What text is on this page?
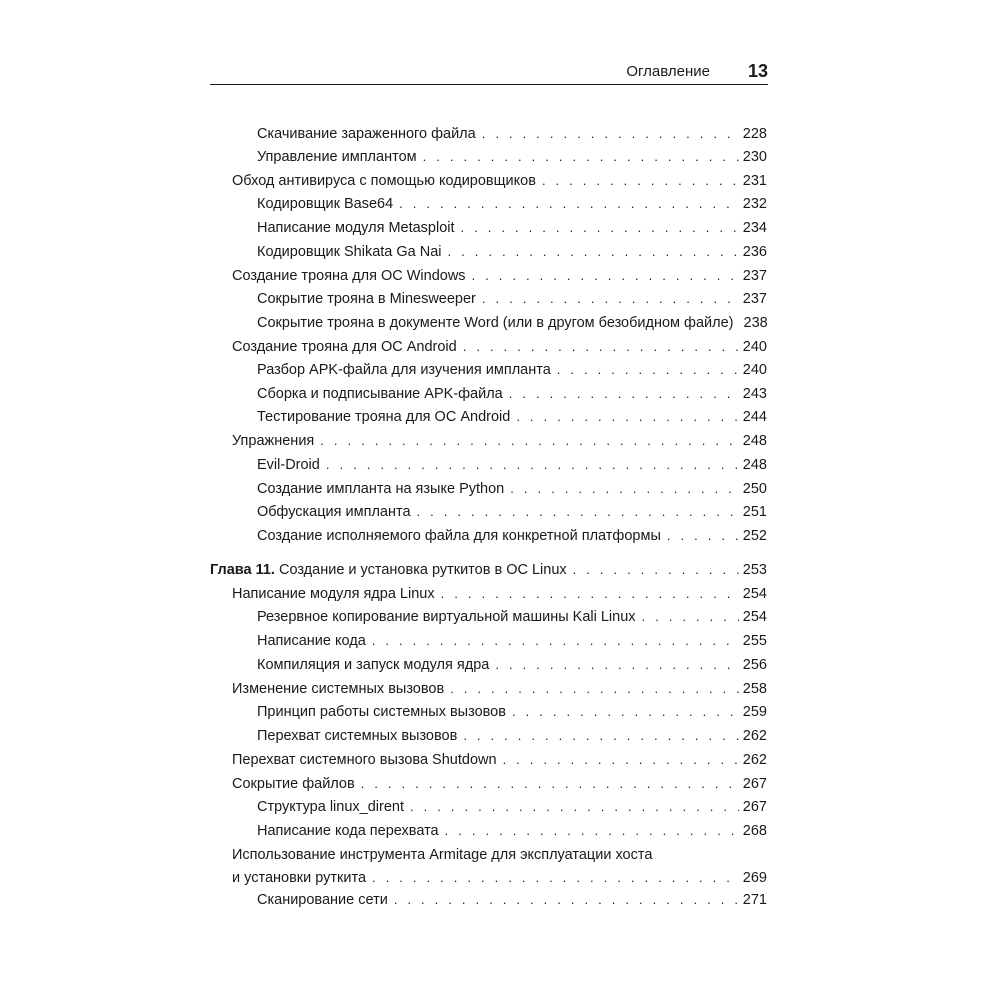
Оглавление 13
Скачивание зараженного файла . . .	228
Управление имплантом . . .	230
Обход антивируса с помощью кодировщиков . . .	231
Кодировщик Base64 . . .	232
Написание модуля Metasploit . . .	234
Кодировщик Shikata Ga Nai . . .	236
Создание трояна для ОС Windows . . .	237
Сокрытие трояна в Minesweeper . . .	237
Сокрытие трояна в документе Word (или в другом безобидном файле) 238
Создание трояна для ОС Android . . .	240
Разбор APK-файла для изучения импланта . . .	240
Сборка и подписывание APK-файла . . .	243
Тестирование трояна для ОС Android . . .	244
Упражнения . . .	248
Evil-Droid . . .	248
Создание импланта на языке Python . . .	250
Обфускация импланта . . .	251
Создание исполняемого файла для конкретной платформы . . .	252
Глава 11. Создание и установка руткитов в ОС Linux . . .	253
Написание модуля ядра Linux . . .	254
Резервное копирование виртуальной машины Kali Linux . . .	254
Написание кода . . .	255
Компиляция и запуск модуля ядра . . .	256
Изменение системных вызовов . . .	258
Принцип работы системных вызовов . . .	259
Перехват системных вызовов . . .	262
Перехват системного вызова Shutdown . . .	262
Сокрытие файлов . . .	267
Структура linux_dirent . . .	267
Написание кода перехвата . . .	268
Использование инструмента Armitage для эксплуатации хоста
и установки руткита . . .	269
Сканирование сети . . .	271
